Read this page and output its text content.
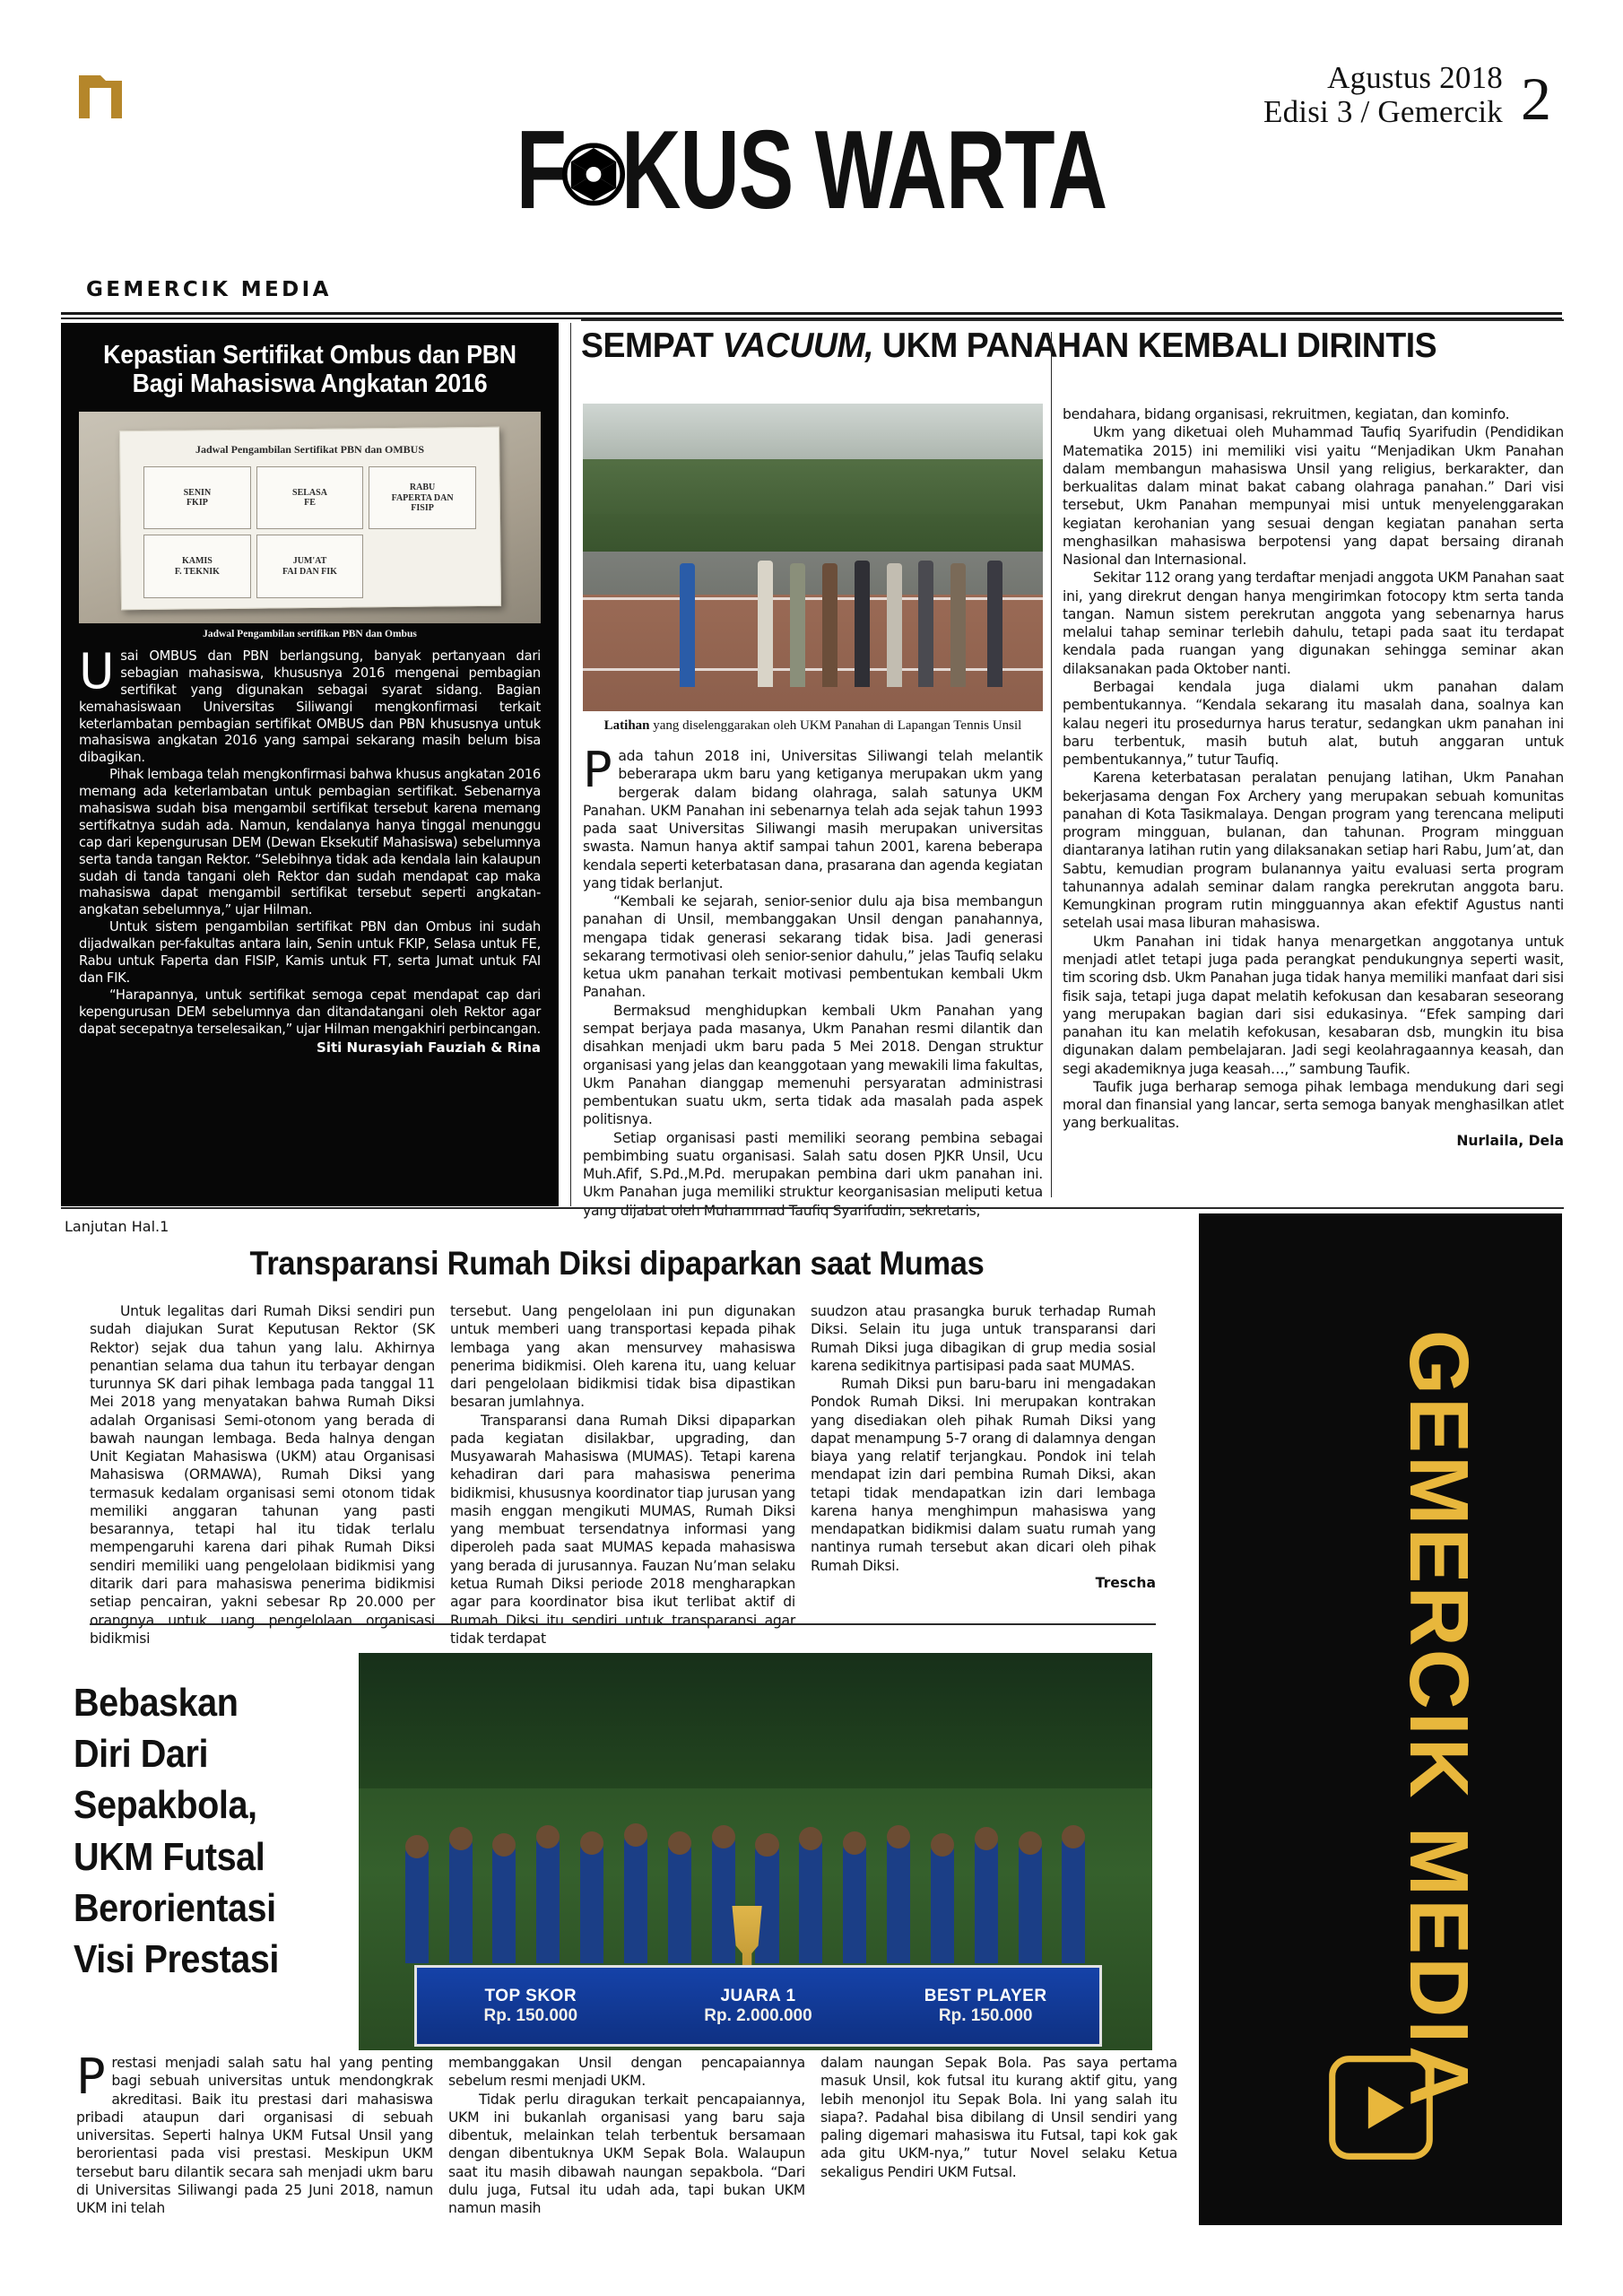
Agustus 2018
Edisi 3 / Gemercik 2
F KUS WARTA
GEMERCIK MEDIA
Kepastian Sertifikat Ombus dan PBN Bagi Mahasiswa Angkatan 2016
Jadwal Pengambilan Sertifikat PBN dan OMBUS
SENIN
FKIP
SELASA
FE
RABU
FAPERTA DAN
FISIP
KAMIS
F. TEKNIK
JUM'AT
FAI DAN FIK
Jadwal Pengambilan sertifikan PBN dan Ombus

Usai OMBUS dan PBN berlangsung, banyak pertanyaan dari sebagian mahasiswa, khususnya 2016 mengenai pembagian sertifikat yang digunakan sebagai syarat sidang. Bagian kemahasiswaan Universitas Siliwangi mengkonfirmasi terkait keterlambatan pembagian sertifikat OMBUS dan PBN khususnya untuk mahasiswa angkatan 2016 yang sampai sekarang masih belum bisa dibagikan.

Pihak lembaga telah mengkonfirmasi bahwa khusus angkatan 2016 memang ada keterlambatan untuk pembagian sertifikat. Sebenarnya mahasiswa sudah bisa mengambil sertifikat tersebut karena memang sertifkatnya sudah ada. Namun, kendalanya hanya tinggal menunggu cap dari kepengurusan DEM (Dewan Eksekutif Mahasiswa) sebelumnya serta tanda tangan Rektor. “Selebihnya tidak ada kendala lain kalaupun sudah di tanda tangani oleh Rektor dan sudah mendapat cap maka mahasiswa dapat mengambil sertifikat tersebut seperti angkatan-angkatan sebelumnya,” ujar Hilman.

Untuk sistem pengambilan sertifikat PBN dan Ombus ini sudah dijadwalkan per-fakultas antara lain, Senin untuk FKIP, Selasa untuk FE, Rabu untuk Faperta dan FISIP, Kamis untuk FT, serta Jumat untuk FAI dan FIK.

“Harapannya, untuk sertifikat semoga cepat mendapat cap dari kepengurusan DEM sebelumnya dan ditandatangani oleh Rektor agar dapat secepatnya terselesaikan,” ujar Hilman mengakhiri perbincangan.

Siti Nurasyiah Fauziah & Rina

SEMPAT VACUUM, UKM PANAHAN KEMBALI DIRINTIS
Latihan yang diselenggarakan oleh UKM Panahan di Lapangan Tennis Unsil

Pada tahun 2018 ini, Universitas Siliwangi telah melantik beberarapa ukm baru yang ketiganya merupakan ukm yang bergerak dalam bidang olahraga, salah satunya UKM Panahan. UKM Panahan ini sebenarnya telah ada sejak tahun 1993 pada saat Universitas Siliwangi masih merupakan universitas swasta. Namun hanya aktif sampai tahun 2001, karena beberapa kendala seperti keterbatasan dana, prasarana dan agenda kegiatan yang tidak berlanjut.

“Kembali ke sejarah, senior-senior dulu aja bisa membangun panahan di Unsil, membanggakan Unsil dengan panahannya, mengapa tidak generasi sekarang tidak bisa. Jadi generasi sekarang termotivasi oleh senior-senior dahulu,” jelas Taufiq selaku ketua ukm panahan terkait motivasi pembentukan kembali Ukm Panahan.

Bermaksud menghidupkan kembali Ukm Panahan yang sempat berjaya pada masanya, Ukm Panahan resmi dilantik dan disahkan menjadi ukm baru pada 5 Mei 2018. Dengan struktur organisasi yang jelas dan keanggotaan yang mewakili lima fakultas, Ukm Panahan dianggap memenuhi persyaratan administrasi pembentukan suatu ukm, serta tidak ada masalah pada aspek politisnya.

Setiap organisasi pasti memiliki seorang pembina sebagai pembimbing suatu organisasi. Salah satu dosen PJKR Unsil, Ucu Muh.Afif, S.Pd.,M.Pd. merupakan pembina dari ukm panahan ini. Ukm Panahan juga memiliki struktur keorganisasian meliputi ketua yang dijabat oleh Muhammad Taufiq Syarifudin, sekretaris,

bendahara, bidang organisasi, rekruitmen, kegiatan, dan kominfo.

Ukm yang diketuai oleh Muhammad Taufiq Syarifudin (Pendidikan Matematika 2015) ini memiliki visi yaitu “Menjadikan Ukm Panahan dalam membangun mahasiswa Unsil yang religius, berkarakter, dan berkualitas dalam minat bakat cabang olahraga panahan.” Dari visi tersebut, Ukm Panahan mempunyai misi untuk menyelenggarakan kegiatan kerohanian yang sesuai dengan kegiatan panahan serta menghasilkan mahasiswa berpotensi yang dapat bersaing diranah Nasional dan Internasional.

Sekitar 112 orang yang terdaftar menjadi anggota UKM Panahan saat ini, yang direkrut dengan hanya mengirimkan fotocopy ktm serta tanda tangan. Namun sistem perekrutan anggota yang sebenarnya harus melalui tahap seminar terlebih dahulu, tetapi pada saat itu terdapat kendala pada ruangan yang digunakan sehingga seminar akan dilaksanakan pada Oktober nanti.

Berbagai kendala juga dialami ukm panahan dalam pembentukannya. “Kendala sekarang itu masalah dana, soalnya kan kalau negeri itu prosedurnya harus teratur, sedangkan ukm panahan ini baru terbentuk, masih butuh alat, butuh anggaran untuk pembentukannya,” tutur Taufiq.

Karena keterbatasan peralatan penujang latihan, Ukm Panahan bekerjasama dengan Fox Archery yang merupakan sebuah komunitas panahan di Kota Tasikmalaya. Dengan program yang terencana meliputi program mingguan, bulanan, dan tahunan. Program mingguan diantaranya latihan rutin yang dilaksanakan setiap hari Rabu, Jum’at, dan Sabtu, kemudian program bulanannya yaitu evaluasi serta program tahunannya adalah seminar dalam rangka perekrutan anggota baru. Kemungkinan program rutin mingguannya akan efektif Agustus nanti setelah usai masa liburan mahasiswa.

Ukm Panahan ini tidak hanya menargetkan anggotanya untuk menjadi atlet tetapi juga pada perangkat pendukungnya seperti wasit, tim scoring dsb. Ukm Panahan juga tidak hanya memiliki manfaat dari sisi fisik saja, tetapi juga dapat melatih kefokusan dan kesabaran seseorang yang merupakan bagian dari sisi edukasinya. “Efek samping dari panahan itu kan melatih kefokusan, kesabaran dsb, mungkin itu bisa digunakan dalam pembelajaran. Jadi segi keolahragaannya keasah, dan segi akademiknya juga keasah…,” sambung Taufik.

Taufik juga berharap semoga pihak lembaga mendukung dari segi moral dan finansial yang lancar, serta semoga banyak menghasilkan atlet yang berkualitas.

Nurlaila, Dela

Lanjutan Hal.1
Transparansi Rumah Diksi dipaparkan saat Mumas

Untuk legalitas dari Rumah Diksi sendiri pun sudah diajukan Surat Keputusan Rektor (SK Rektor) sejak dua tahun yang lalu. Akhirnya penantian selama dua tahun itu terbayar dengan turunnya SK dari pihak lembaga pada tanggal 11 Mei 2018 yang menyatakan bahwa Rumah Diksi adalah Organisasi Semi-otonom yang berada di bawah naungan lembaga. Beda halnya dengan Unit Kegiatan Mahasiswa (UKM) atau Organisasi Mahasiswa (ORMAWA), Rumah Diksi yang termasuk kedalam organisasi semi otonom tidak memiliki anggaran tahunan yang pasti besarannya, tetapi hal itu tidak terlalu mempengaruhi karena dari pihak Rumah Diksi sendiri memiliki uang pengelolaan bidikmisi yang ditarik dari para mahasiswa penerima bidikmisi setiap pencairan, yakni sebesar Rp 20.000 per orangnya untuk uang pengelolaan organisasi bidikmisi

tersebut. Uang pengelolaan ini pun digunakan untuk memberi uang transportasi kepada pihak lembaga yang akan mensurvey mahasiswa penerima bidikmisi. Oleh karena itu, uang keluar dari pengelolaan bidikmisi tidak bisa dipastikan besaran jumlahnya.

Transparansi dana Rumah Diksi dipaparkan pada kegiatan disilakbar, upgrading, dan Musyawarah Mahasiswa (MUMAS). Tetapi karena kehadiran dari para mahasiswa penerima bidikmisi, khususnya koordinator tiap jurusan yang masih enggan mengikuti MUMAS, Rumah Diksi yang membuat tersendatnya informasi yang diperoleh pada saat MUMAS kepada mahasiswa yang berada di jurusannya. Fauzan Nu’man selaku ketua Rumah Diksi periode 2018 mengharapkan agar para koordinator bisa ikut terlibat aktif di Rumah Diksi itu sendiri untuk transparansi agar tidak terdapat

suudzon atau prasangka buruk terhadap Rumah Diksi. Selain itu juga untuk transparansi dari Rumah Diksi juga dibagikan di grup media sosial karena sedikitnya partisipasi pada saat MUMAS.

Rumah Diksi pun baru-baru ini mengadakan Pondok Rumah Diksi. Ini merupakan kontrakan yang disediakan oleh pihak Rumah Diksi yang dapat menampung 5-7 orang di dalamnya dengan biaya yang relatif terjangkau. Pondok ini telah mendapat izin dari pembina Rumah Diksi, akan tetapi tidak mendapatkan izin dari lembaga karena hanya menghimpun mahasiswa yang mendapatkan bidikmisi dalam suatu rumah yang nantinya rumah tersebut akan dicari oleh pihak Rumah Diksi.

Trescha	GEMERCIK MEDIA
Bebaskan Diri Dari Sepakbola, UKM Futsal Berorientasi Visi Prestasi
TOP SKOR
Rp. 150.000
JUARA 1
Rp. 2.000.000
BEST PLAYER
Rp. 150.000

Prestasi menjadi salah satu hal yang penting bagi sebuah universitas untuk mendongkrak akreditasi. Baik itu prestasi dari mahasiswa pribadi ataupun dari organisasi di sebuah universitas. Seperti halnya UKM Futsal Unsil yang berorientasi pada visi prestasi. Meskipun UKM tersebut baru dilantik secara sah menjadi ukm baru di Universitas Siliwangi pada 25 Juni 2018, namun UKM ini telah

membanggakan Unsil dengan pencapaiannya sebelum resmi menjadi UKM.

Tidak perlu diragukan terkait pencapaiannya, UKM ini bukanlah organisasi yang baru saja dibentuk, melainkan telah terbentuk bersamaan dengan dibentuknya UKM Sepak Bola. Walaupun saat itu masih dibawah naungan sepakbola. “Dari dulu juga, Futsal itu udah ada, tapi bukan UKM namun masih

dalam naungan Sepak Bola. Pas saya pertama masuk Unsil, kok futsal itu kurang aktif gitu, yang lebih menonjol itu Sepak Bola. Ini yang salah itu siapa?. Padahal bisa dibilang di Unsil sendiri yang paling digemari mahasiswa itu Futsal, tapi kok gak ada gitu UKM-nya,” tutur Novel selaku Ketua sekaligus Pendiri UKM Futsal.
